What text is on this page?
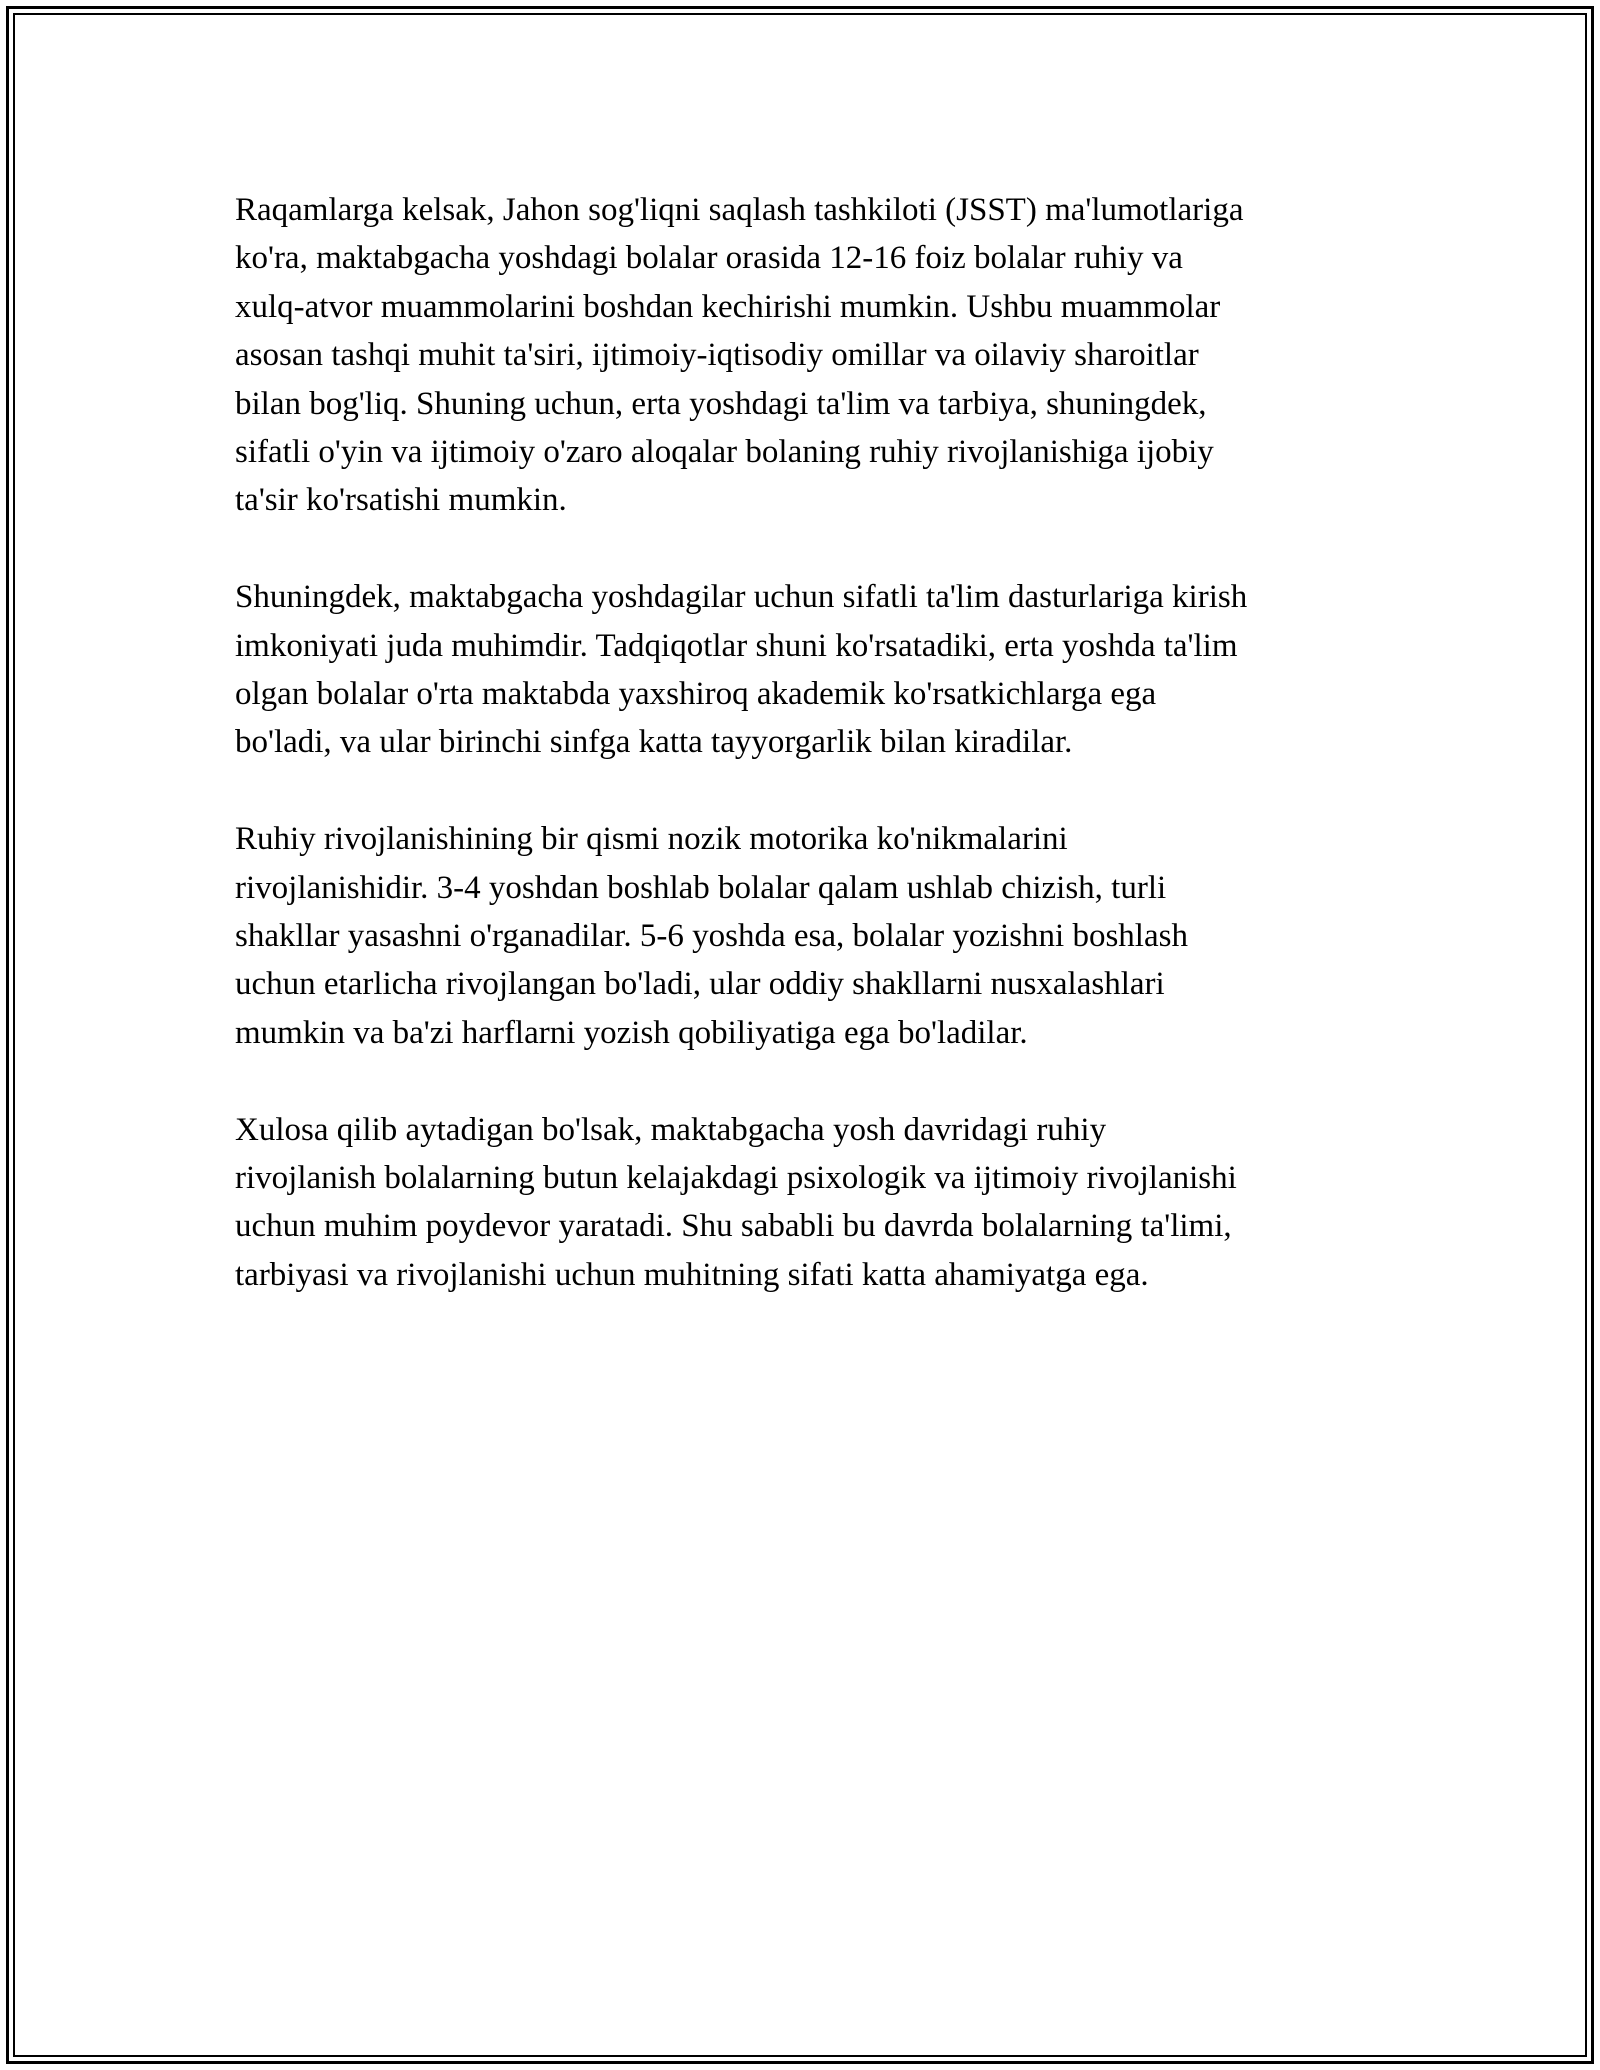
Raqamlarga kelsak, Jahon sog'liqni saqlash tashkiloti (JSST) ma'lumotlariga
ko'ra, maktabgacha yoshdagi bolalar orasida 12-16 foiz bolalar ruhiy va
xulq-atvor muammolarini boshdan kechirishi mumkin. Ushbu muammolar
asosan tashqi muhit ta'siri, ijtimoiy-iqtisodiy omillar va oilaviy sharoitlar
bilan bog'liq. Shuning uchun, erta yoshdagi ta'lim va tarbiya, shuningdek,
sifatli o'yin va ijtimoiy o'zaro aloqalar bolaning ruhiy rivojlanishiga ijobiy
ta'sir ko'rsatishi mumkin.

Shuningdek, maktabgacha yoshdagilar uchun sifatli ta'lim dasturlariga kirish
imkoniyati juda muhimdir. Tadqiqotlar shuni ko'rsatadiki, erta yoshda ta'lim
olgan bolalar o'rta maktabda yaxshiroq akademik ko'rsatkichlarga ega
bo'ladi, va ular birinchi sinfga katta tayyorgarlik bilan kiradilar.

Ruhiy rivojlanishining bir qismi nozik motorika ko'nikmalarini
rivojlanishidir. 3-4 yoshdan boshlab bolalar qalam ushlab chizish, turli
shakllar yasashni o'rganadilar. 5-6 yoshda esa, bolalar yozishni boshlash
uchun etarlicha rivojlangan bo'ladi, ular oddiy shakllarni nusxalashlari
mumkin va ba'zi harflarni yozish qobiliyatiga ega bo'ladilar.

Xulosa qilib aytadigan bo'lsak, maktabgacha yosh davridagi ruhiy
rivojlanish bolalarning butun kelajakdagi psixologik va ijtimoiy rivojlanishi
uchun muhim poydevor yaratadi. Shu sababli bu davrda bolalarning ta'limi,
tarbiyasi va rivojlanishi uchun muhitning sifati katta ahamiyatga ega.
